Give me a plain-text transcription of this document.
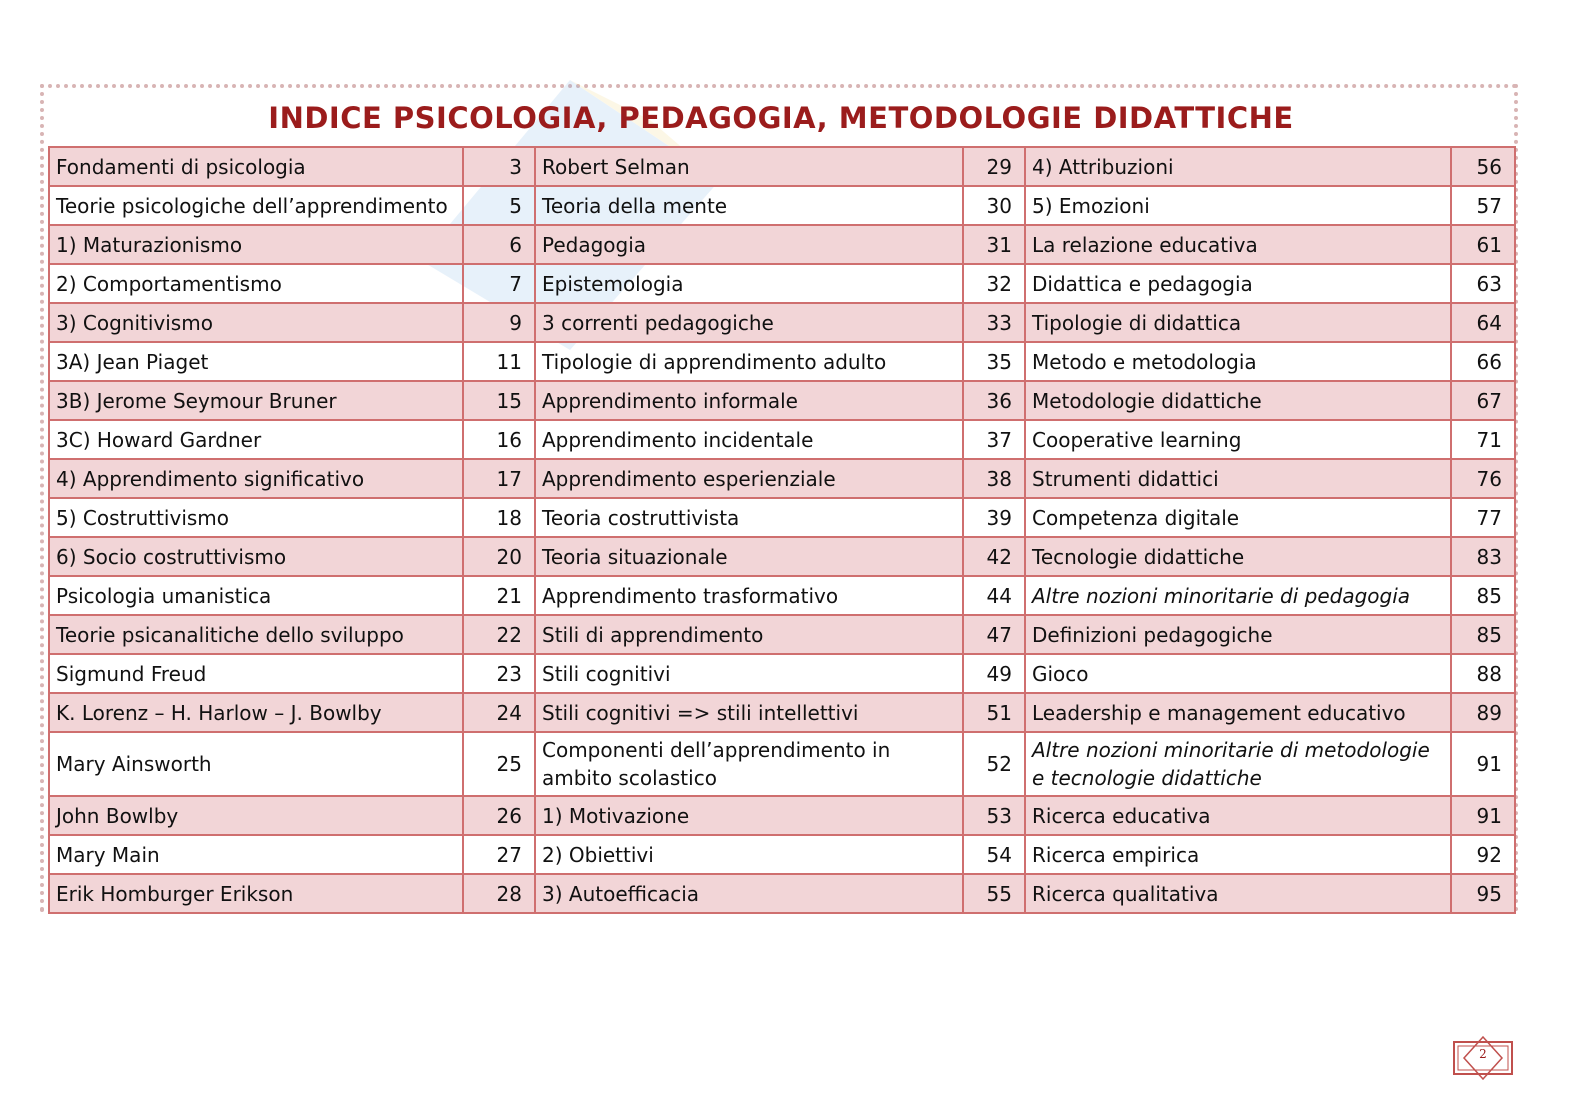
INDICE PSICOLOGIA, PEDAGOGIA, METODOLOGIE DIDATTICHE
Fondamenti di psicologia	3	Robert Selman	29	4) Attribuzioni	56
Teorie psicologiche dell’apprendimento	5	Teoria della mente	30	5) Emozioni	57
1) Maturazionismo	6	Pedagogia	31	La relazione educativa	61
2) Comportamentismo	7	Epistemologia	32	Didattica e pedagogia	63
3) Cognitivismo	9	3 correnti pedagogiche	33	Tipologie di didattica	64
3A) Jean Piaget	11	Tipologie di apprendimento adulto	35	Metodo e metodologia	66
3B) Jerome Seymour Bruner	15	Apprendimento informale	36	Metodologie didattiche	67
3C) Howard Gardner	16	Apprendimento incidentale	37	Cooperative learning	71
4) Apprendimento significativo	17	Apprendimento esperienziale	38	Strumenti didattici	76
5) Costruttivismo	18	Teoria costruttivista	39	Competenza digitale	77
6) Socio costruttivismo	20	Teoria situazionale	42	Tecnologie didattiche	83
Psicologia umanistica	21	Apprendimento trasformativo	44	Altre nozioni minoritarie di pedagogia	85
Teorie psicanalitiche dello sviluppo	22	Stili di apprendimento	47	Definizioni pedagogiche	85
Sigmund Freud	23	Stili cognitivi	49	Gioco	88
K. Lorenz – H. Harlow – J. Bowlby	24	Stili cognitivi => stili intellettivi	51	Leadership e management educativo	89
Mary Ainsworth	25	Componenti dell’apprendimento in ambito scolastico	52	Altre nozioni minoritarie di metodologie e tecnologie didattiche	91
John Bowlby	26	1) Motivazione	53	Ricerca educativa	91
Mary Main	27	2) Obiettivi	54	Ricerca empirica	92
Erik Homburger Erikson	28	3) Autoefficacia	55	Ricerca qualitativa	95
2
